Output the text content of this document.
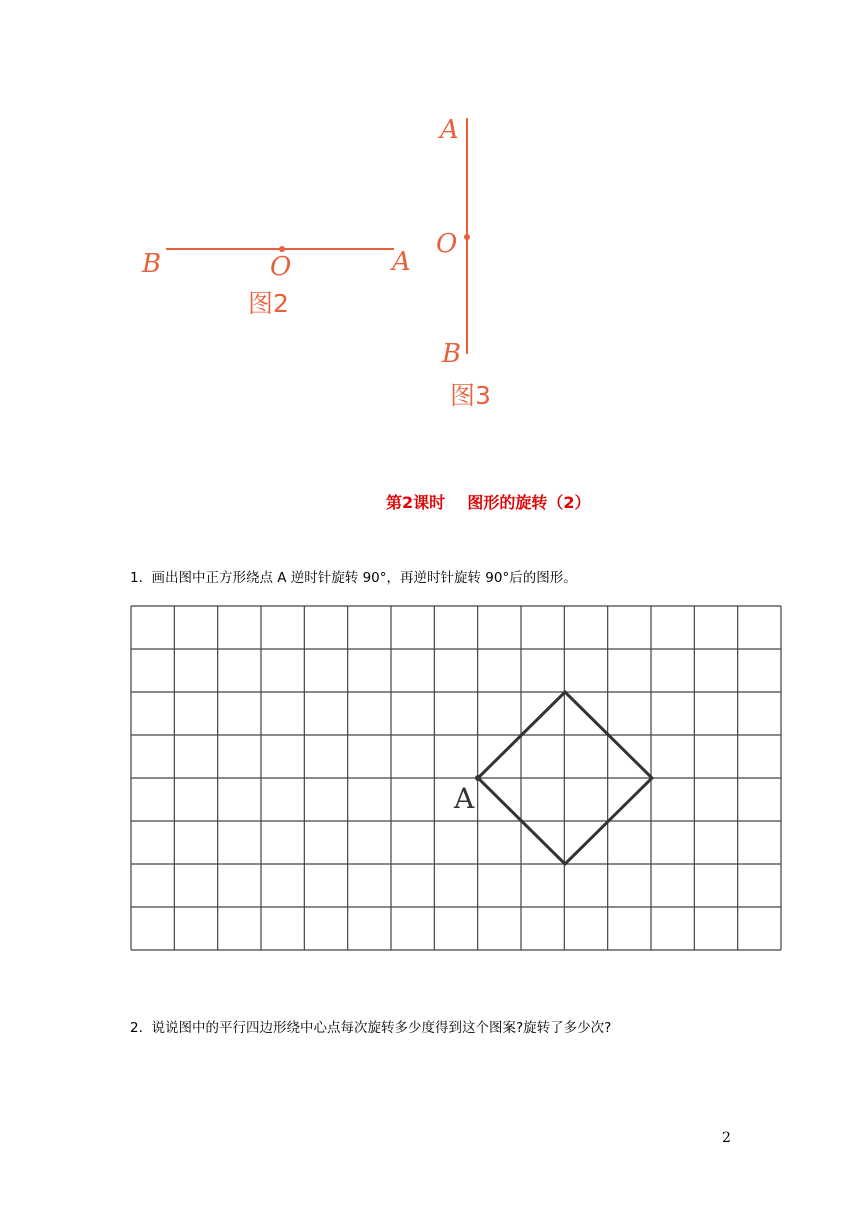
B	O	A
图2
A
O
B
图3
第2课时    图形的旋转（2）
1.  画出图中正方形绕点 A 逆时针旋转 90°，再逆时针旋转 90°后的图形。
A
2.  说说图中的平行四边形绕中心点每次旋转多少度得到这个图案?旋转了多少次?
2
